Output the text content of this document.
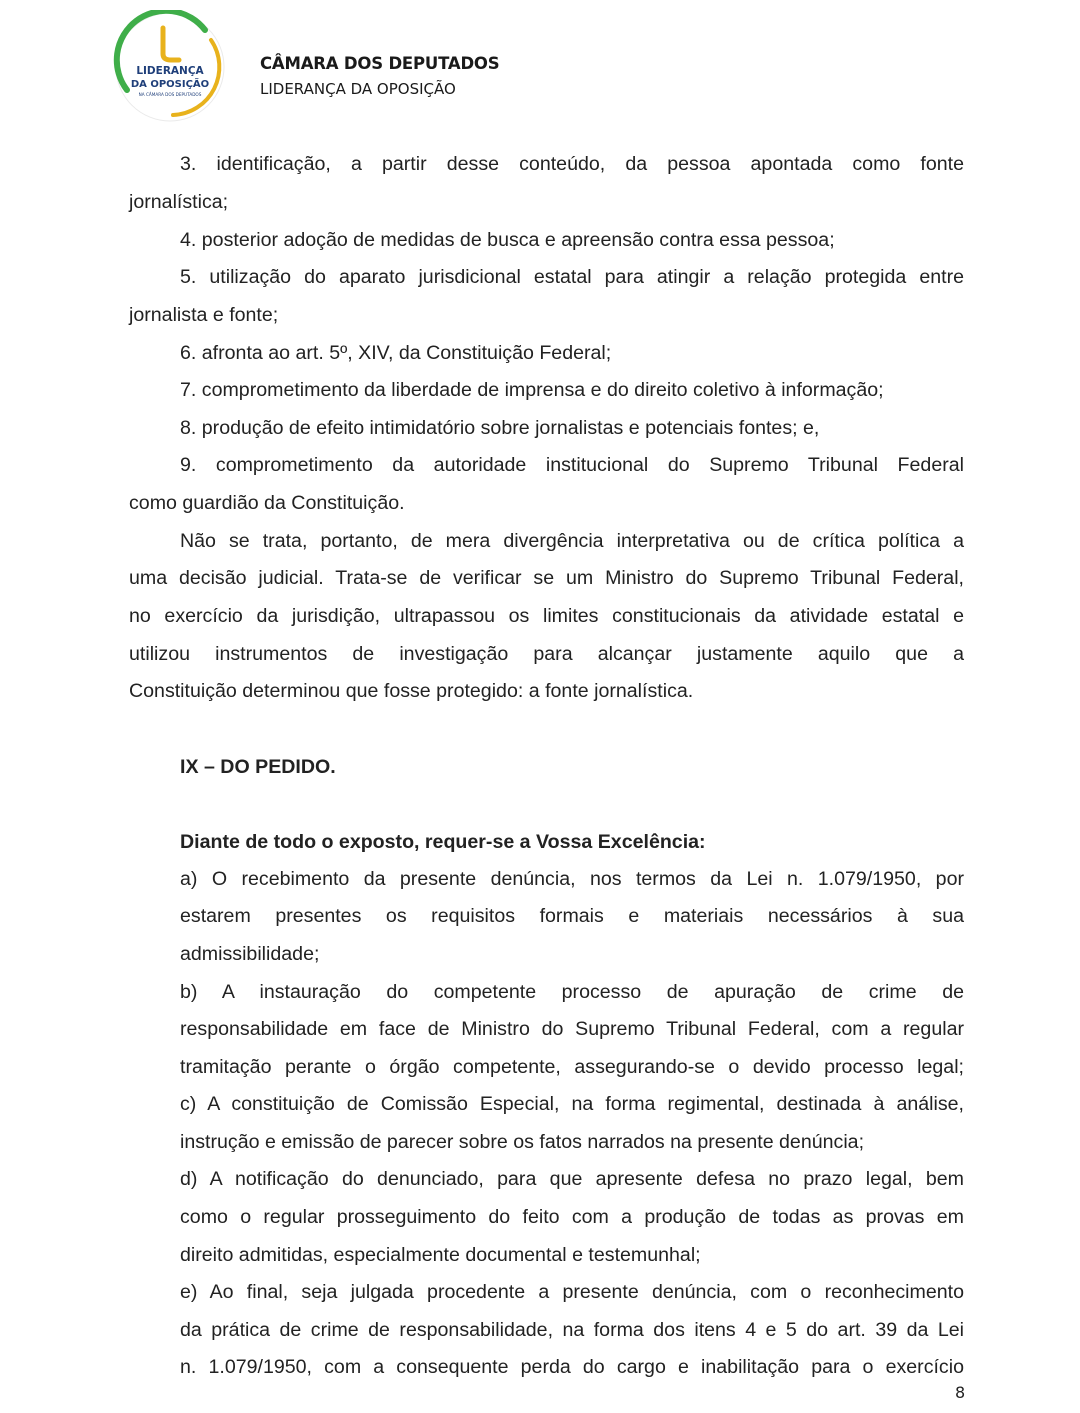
LIDERANÇA
DA OPOSIÇÃO
NA CÂMARA DOS DEPUTADOS
CÂMARA DOS DEPUTADOS
LIDERANÇA DA OPOSIÇÃO
3. identificação, a partir desse conteúdo, da pessoa apontada como fonte
jornalística;
4. posterior adoção de medidas de busca e apreensão contra essa pessoa;
5. utilização do aparato jurisdicional estatal para atingir a relação protegida entre
jornalista e fonte;
6. afronta ao art. 5º, XIV, da Constituição Federal;
7. comprometimento da liberdade de imprensa e do direito coletivo à informação;
8. produção de efeito intimidatório sobre jornalistas e potenciais fontes; e,
9. comprometimento da autoridade institucional do Supremo Tribunal Federal
como guardião da Constituição.
Não se trata, portanto, de mera divergência interpretativa ou de crítica política a
uma decisão judicial. Trata-se de verificar se um Ministro do Supremo Tribunal Federal,
no exercício da jurisdição, ultrapassou os limites constitucionais da atividade estatal e
utilizou instrumentos de investigação para alcançar justamente aquilo que a
Constituição determinou que fosse protegido: a fonte jornalística.
IX – DO PEDIDO.
Diante de todo o exposto, requer-se a Vossa Excelência:
a) O recebimento da presente denúncia, nos termos da Lei n. 1.079/1950, por
estarem presentes os requisitos formais e materiais necessários à sua
admissibilidade;
b) A instauração do competente processo de apuração de crime de
responsabilidade em face de Ministro do Supremo Tribunal Federal, com a regular
tramitação perante o órgão competente, assegurando-se o devido processo legal;
c) A constituição de Comissão Especial, na forma regimental, destinada à análise,
instrução e emissão de parecer sobre os fatos narrados na presente denúncia;
d) A notificação do denunciado, para que apresente defesa no prazo legal, bem
como o regular prosseguimento do feito com a produção de todas as provas em
direito admitidas, especialmente documental e testemunhal;
e) Ao final, seja julgada procedente a presente denúncia, com o reconhecimento
da prática de crime de responsabilidade, na forma dos itens 4 e 5 do art. 39 da Lei
n. 1.079/1950, com a consequente perda do cargo e inabilitação para o exercício
8
